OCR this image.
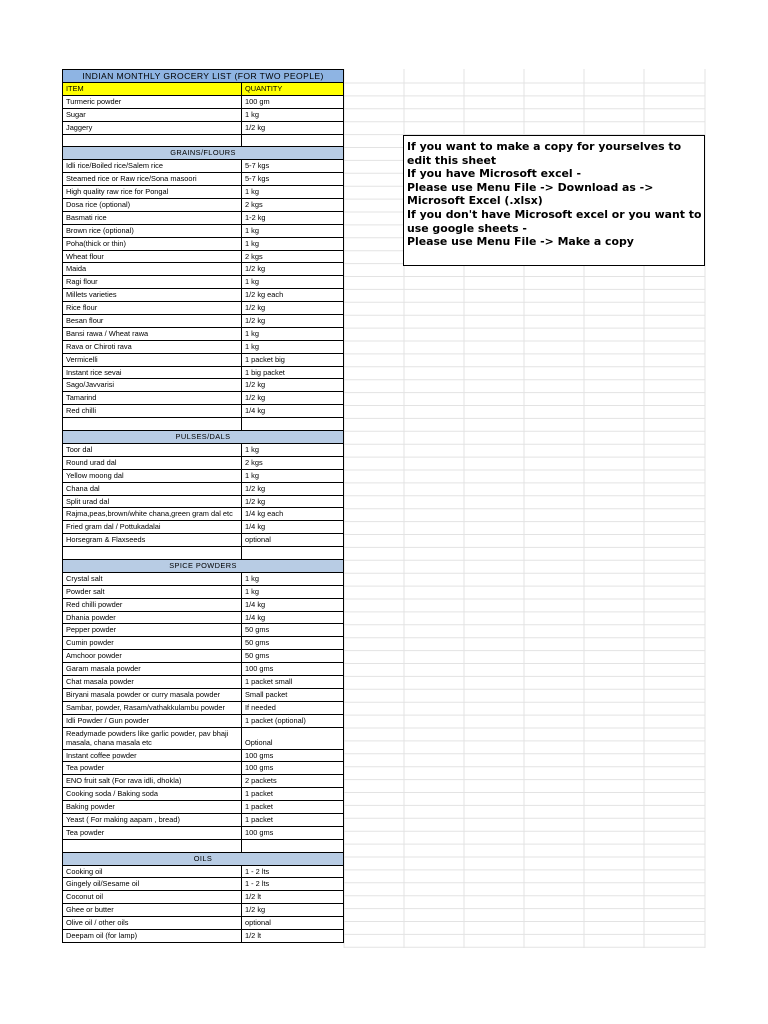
INDIAN MONTHLY GROCERY LIST (FOR TWO PEOPLE)
ITEM	QUANTITY
Turmeric powder	100 gm
Sugar	1 kg
Jaggery	1/2 kg
GRAINS/FLOURS
Idli rice/Boiled rice/Salem rice	5-7 kgs
Steamed rice or Raw rice/Sona masoori	5-7 kgs
High quality raw rice for Pongal	1 kg
Dosa rice (optional)	2 kgs
Basmati rice	1-2 kg
Brown rice (optional)	1 kg
Poha(thick or thin)	1 kg
Wheat flour	2 kgs
Maida	1/2 kg
Ragi flour	1 kg
Millets varieties	1/2 kg each
Rice flour	1/2 kg
Besan flour	1/2 kg
Bansi rawa / Wheat rawa	1 kg
Rava or Chiroti rava	1 kg
Vermicelli	1 packet big
Instant rice sevai	1 big packet
Sago/Javvarisi	1/2 kg
Tamarind	1/2 kg
Red chilli	1/4 kg
PULSES/DALS
Toor dal	1 kg
Round urad dal	2 kgs
Yellow moong dal	1 kg
Chana dal	1/2 kg
Split urad dal	1/2 kg
Rajma,peas,brown/white chana,green gram dal etc	1/4 kg each
Fried gram dal / Pottukadalai	1/4 kg
Horsegram & Flaxseeds	optional
SPICE POWDERS
Crystal salt	1 kg
Powder salt	1 kg
Red chilli powder	1/4 kg
Dhania powder	1/4 kg
Pepper powder	50 gms
Cumin powder	50 gms
Amchoor powder	50 gms
Garam masala powder	100 gms
Chat masala powder	1 packet small
Biryani masala powder or curry masala powder	Small packet
Sambar, powder, Rasam/vathakkulambu powder	If needed
Idli Powder / Gun powder	1 packet (optional)
Readymade powders like garlic powder, pav bhaji masala, chana masala etc	Optional
Instant coffee powder	100 gms
Tea powder	100 gms
ENO fruit salt (For rava idli, dhokla)	2 packets
Cooking soda / Baking soda	1 packet
Baking powder	1 packet
Yeast ( For making aapam , bread)	1 packet
Tea powder	100 gms
OILS
Cooking oil	1 - 2 lts
Gingely oil/Sesame oil	1 - 2 lts
Coconut oil	1/2 lt
Ghee or butter	1/2 kg
Olive oil / other oils	optional
Deepam oil (for lamp)	1/2 lt

If you want to make a copy for yourselves to

edit this sheet

If you have Microsoft excel -

Please use Menu File -> Download as ->

Microsoft Excel (.xlsx)

If you don't have Microsoft excel or you want to

use google sheets -

Please use Menu File -> Make a copy
